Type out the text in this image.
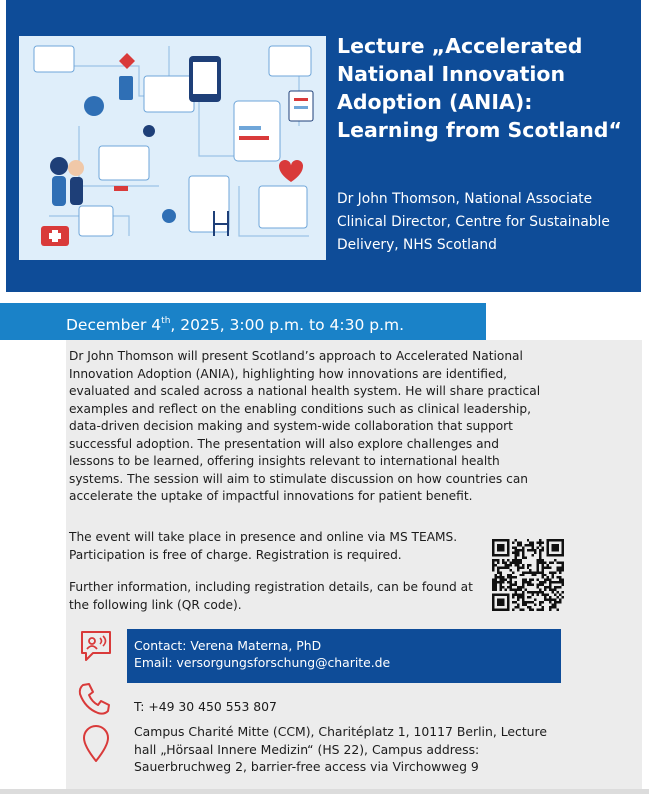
Lecture „Accelerated National Innovation Adoption (ANIA): Learning from Scotland“
Dr John Thomson, National Associate Clinical Director, Centre for Sustainable Delivery, NHS Scotland
December 4th, 2025, 3:00 p.m. to 4:30 p.m.
Dr John Thomson will present Scotland’s approach to Accelerated National Innovation Adoption (ANIA), highlighting how innovations are identified, evaluated and scaled across a national health system. He will share practical examples and reflect on the enabling conditions such as clinical leadership, data-driven decision making and system-wide collaboration that support successful adoption. The presentation will also explore challenges and lessons to be learned, offering insights relevant to international health systems. The session will aim to stimulate discussion on how countries can accelerate the uptake of impactful innovations for patient benefit.
The event will take place in presence and online via MS TEAMS. Participation is free of charge. Registration is required.
Further information, including registration details, can be found at the following link (QR code).
Contact: Verena Materna, PhD
Email: versorgungsforschung@charite.de
T: +49 30 450 553 807
Campus Charité Mitte (CCM), Charitéplatz 1, 10117 Berlin, Lecture hall „Hörsaal Innere Medizin“ (HS 22), Campus address: Sauerbruchweg 2, barrier-free access via Virchowweg 9
